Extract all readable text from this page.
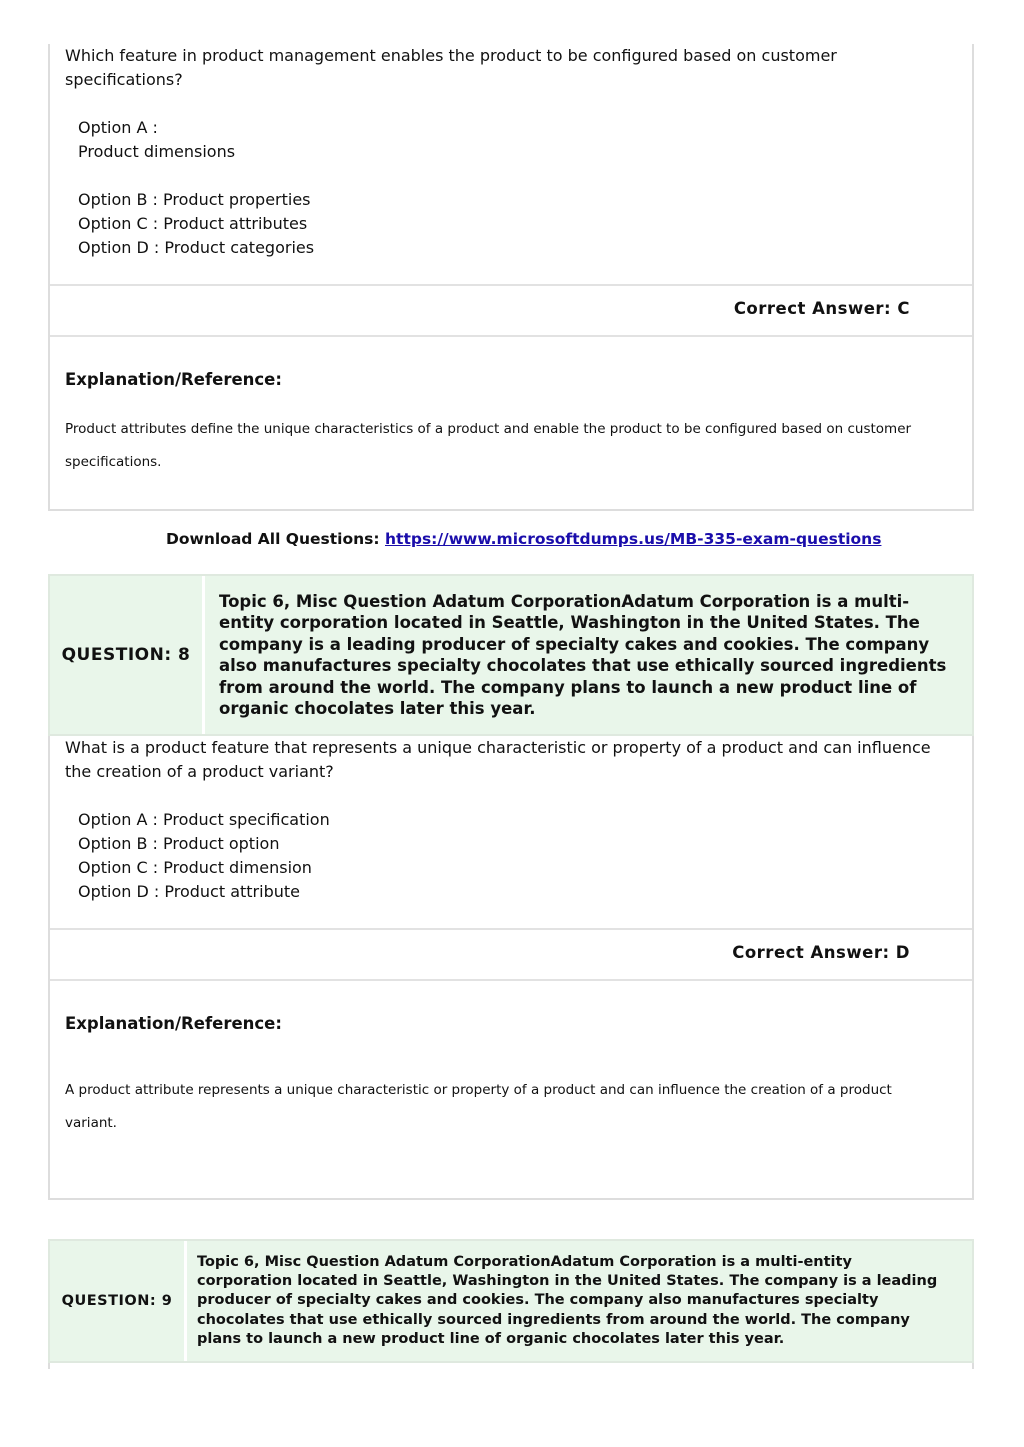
Which feature in product management enables the product to be configured based on customer specifications?
Option A :
Product dimensions

Option B : Product properties
Option C : Product attributes
Option D : Product categories
Correct Answer: C
Explanation/Reference:
Product attributes define the unique characteristics of a product and enable the product to be configured based on customer specifications.
Download All Questions: https://www.microsoftdumps.us/MB-335-exam-questions
QUESTION: 8
Topic 6, Misc Question Adatum CorporationAdatum Corporation is a multi-entity corporation located in Seattle, Washington in the United States. The company is a leading producer of specialty cakes and cookies. The company also manufactures specialty chocolates that use ethically sourced ingredients from around the world. The company plans to launch a new product line of organic chocolates later this year.
What is a product feature that represents a unique characteristic or property of a product and can influence the creation of a product variant?
Option A : Product specification
Option B : Product option
Option C : Product dimension
Option D : Product attribute
Correct Answer: D
Explanation/Reference:
A product attribute represents a unique characteristic or property of a product and can influence the creation of a product variant.
QUESTION: 9
Topic 6, Misc Question Adatum CorporationAdatum Corporation is a multi-entity corporation located in Seattle, Washington in the United States. The company is a leading producer of specialty cakes and cookies. The company also manufactures specialty chocolates that use ethically sourced ingredients from around the world. The company plans to launch a new product line of organic chocolates later this year.
